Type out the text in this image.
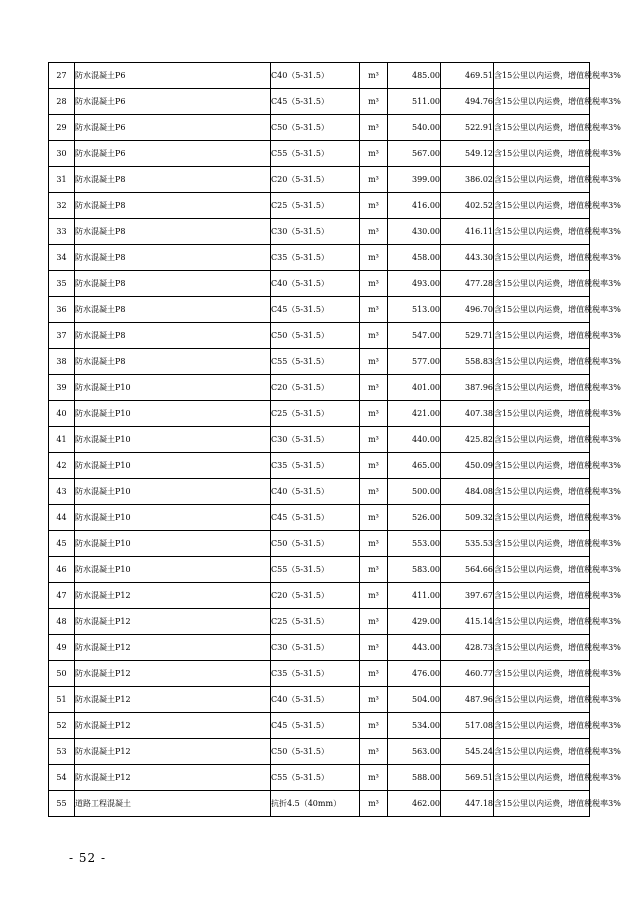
27	防水混凝土P6	C40（5-31.5）	m³	485.00	469.51	含15公里以内运费，增值税税率3%
28	防水混凝土P6	C45（5-31.5）	m³	511.00	494.76	含15公里以内运费，增值税税率3%
29	防水混凝土P6	C50（5-31.5）	m³	540.00	522.91	含15公里以内运费，增值税税率3%
30	防水混凝土P6	C55（5-31.5）	m³	567.00	549.12	含15公里以内运费，增值税税率3%
31	防水混凝土P8	C20（5-31.5）	m³	399.00	386.02	含15公里以内运费，增值税税率3%
32	防水混凝土P8	C25（5-31.5）	m³	416.00	402.52	含15公里以内运费，增值税税率3%
33	防水混凝土P8	C30（5-31.5）	m³	430.00	416.11	含15公里以内运费，增值税税率3%
34	防水混凝土P8	C35（5-31.5）	m³	458.00	443.30	含15公里以内运费，增值税税率3%
35	防水混凝土P8	C40（5-31.5）	m³	493.00	477.28	含15公里以内运费，增值税税率3%
36	防水混凝土P8	C45（5-31.5）	m³	513.00	496.70	含15公里以内运费，增值税税率3%
37	防水混凝土P8	C50（5-31.5）	m³	547.00	529.71	含15公里以内运费，增值税税率3%
38	防水混凝土P8	C55（5-31.5）	m³	577.00	558.83	含15公里以内运费，增值税税率3%
39	防水混凝土P10	C20（5-31.5）	m³	401.00	387.96	含15公里以内运费，增值税税率3%
40	防水混凝土P10	C25（5-31.5）	m³	421.00	407.38	含15公里以内运费，增值税税率3%
41	防水混凝土P10	C30（5-31.5）	m³	440.00	425.82	含15公里以内运费，增值税税率3%
42	防水混凝土P10	C35（5-31.5）	m³	465.00	450.09	含15公里以内运费，增值税税率3%
43	防水混凝土P10	C40（5-31.5）	m³	500.00	484.08	含15公里以内运费，增值税税率3%
44	防水混凝土P10	C45（5-31.5）	m³	526.00	509.32	含15公里以内运费，增值税税率3%
45	防水混凝土P10	C50（5-31.5）	m³	553.00	535.53	含15公里以内运费，增值税税率3%
46	防水混凝土P10	C55（5-31.5）	m³	583.00	564.66	含15公里以内运费，增值税税率3%
47	防水混凝土P12	C20（5-31.5）	m³	411.00	397.67	含15公里以内运费，增值税税率3%
48	防水混凝土P12	C25（5-31.5）	m³	429.00	415.14	含15公里以内运费，增值税税率3%
49	防水混凝土P12	C30（5-31.5）	m³	443.00	428.73	含15公里以内运费，增值税税率3%
50	防水混凝土P12	C35（5-31.5）	m³	476.00	460.77	含15公里以内运费，增值税税率3%
51	防水混凝土P12	C40（5-31.5）	m³	504.00	487.96	含15公里以内运费，增值税税率3%
52	防水混凝土P12	C45（5-31.5）	m³	534.00	517.08	含15公里以内运费，增值税税率3%
53	防水混凝土P12	C50（5-31.5）	m³	563.00	545.24	含15公里以内运费，增值税税率3%
54	防水混凝土P12	C55（5-31.5）	m³	588.00	569.51	含15公里以内运费，增值税税率3%
55	道路工程混凝土	抗折4.5（40mm）	m³	462.00	447.18	含15公里以内运费，增值税税率3%
- 52 -
